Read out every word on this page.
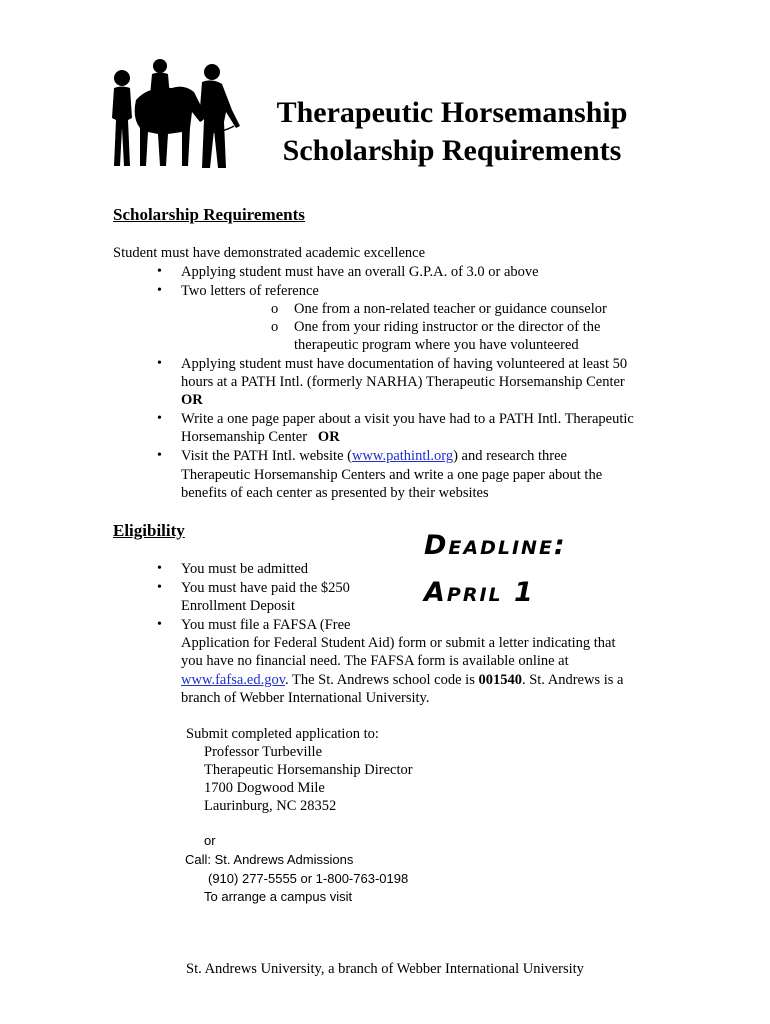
Therapeutic Horsemanship
Scholarship Requirements
Scholarship Requirements
Student must have demonstrated academic excellence
• Applying student must have an overall G.P.A. of 3.0 or above
• Two letters of reference
o One from a non-related teacher or guidance counselor
o One from your riding instructor or the director of the
therapeutic program where you have volunteered
• Applying student must have documentation of having volunteered at least 50
hours at a PATH Intl. (formerly NARHA) Therapeutic Horsemanship Center
OR
• Write a one page paper about a visit you have had to a PATH Intl. Therapeutic
Horsemanship Center OR
• Visit the PATH Intl. website (www.pathintl.org) and research three
Therapeutic Horsemanship Centers and write a one page paper about the
benefits of each center as presented by their websites
Eligibility	Deadline:
April 1
• You must be admitted
• You must have paid the $250
Enrollment Deposit
• You must file a FAFSA (Free
Application for Federal Student Aid) form or submit a letter indicating that
you have no financial need. The FAFSA form is available online at
www.fafsa.ed.gov. The St. Andrews school code is 001540. St. Andrews is a
branch of Webber International University.
Submit completed application to:
Professor Turbeville
Therapeutic Horsemanship Director
1700 Dogwood Mile
Laurinburg, NC 28352
or
Call: St. Andrews Admissions
(910) 277-5555 or 1-800-763-0198
To arrange a campus visit
St. Andrews University, a branch of Webber International University
